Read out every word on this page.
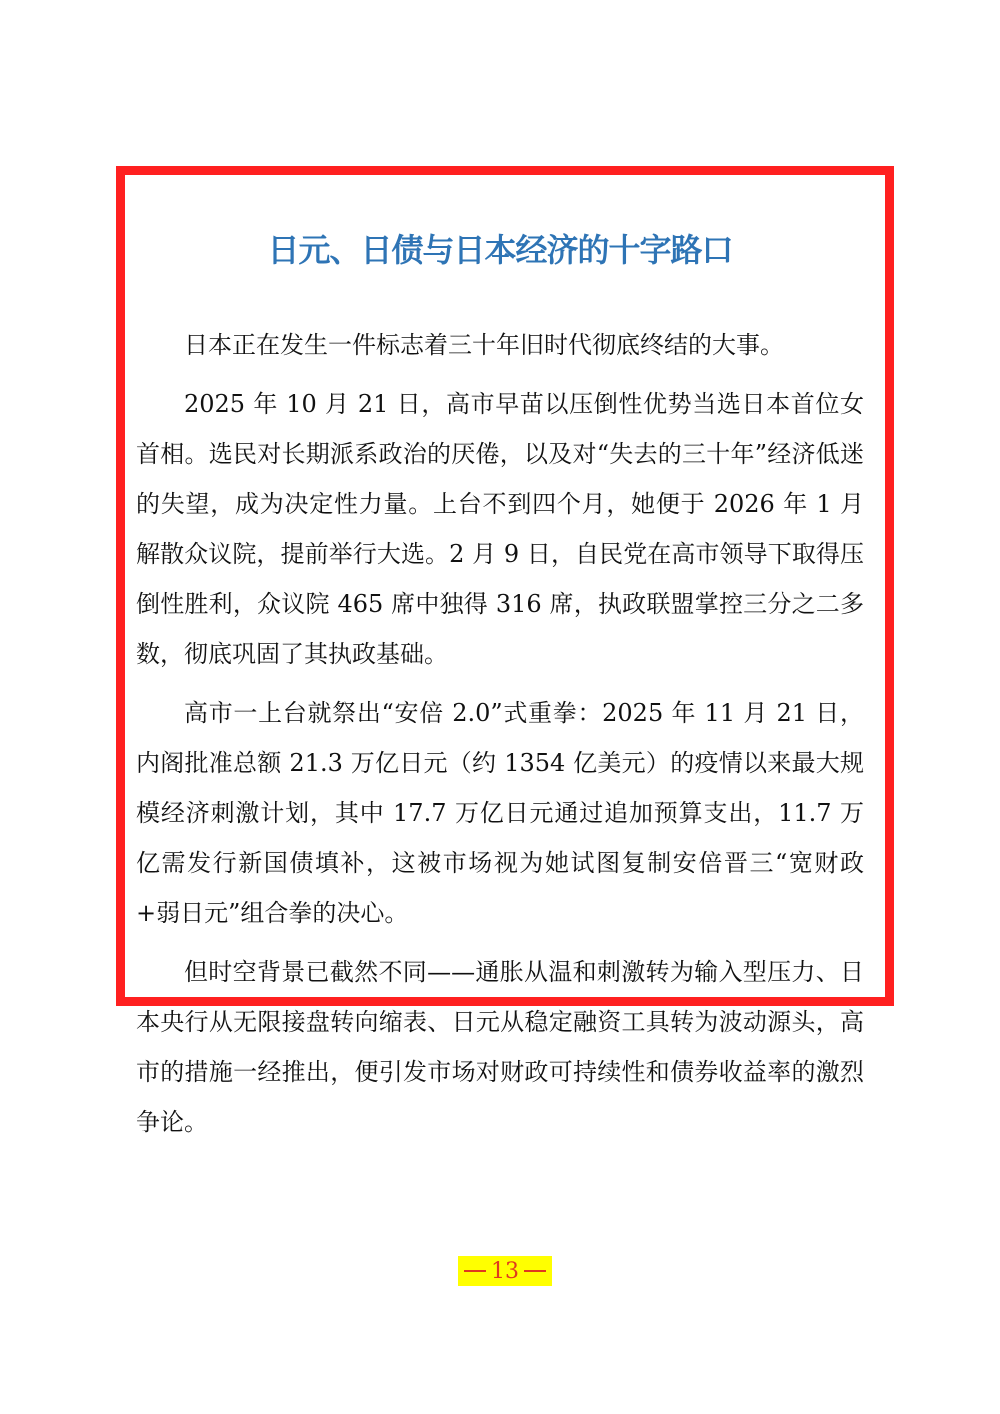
日元、日债与日本经济的十字路口

日本正在发生一件标志着三十年旧时代彻底终结的大事。

2025 年 10 月 21 日，高市早苗以压倒性优势当选日本首位女首相。选民对长期派系政治的厌倦，以及对“失去的三十年”经济低迷的失望，成为决定性力量。上台不到四个月，她便于 2026 年 1 月解散众议院，提前举行大选。2 月 9 日，自民党在高市领导下取得压倒性胜利，众议院 465 席中独得 316 席，执政联盟掌控三分之二多数，彻底巩固了其执政基础。

高市一上台就祭出“安倍 2.0”式重拳：2025 年 11 月 21 日，内阁批准总额 21.3 万亿日元（约 1354 亿美元）的疫情以来最大规模经济刺激计划，其中 17.7 万亿日元通过追加预算支出，11.7 万亿需发行新国债填补，这被市场视为她试图复制安倍晋三“宽财政+弱日元”组合拳的决心。

但时空背景已截然不同——通胀从温和刺激转为输入型压力、日本央行从无限接盘转向缩表、日元从稳定融资工具转为波动源头，高市的措施一经推出，便引发市场对财政可持续性和债券收益率的激烈争论。

13
